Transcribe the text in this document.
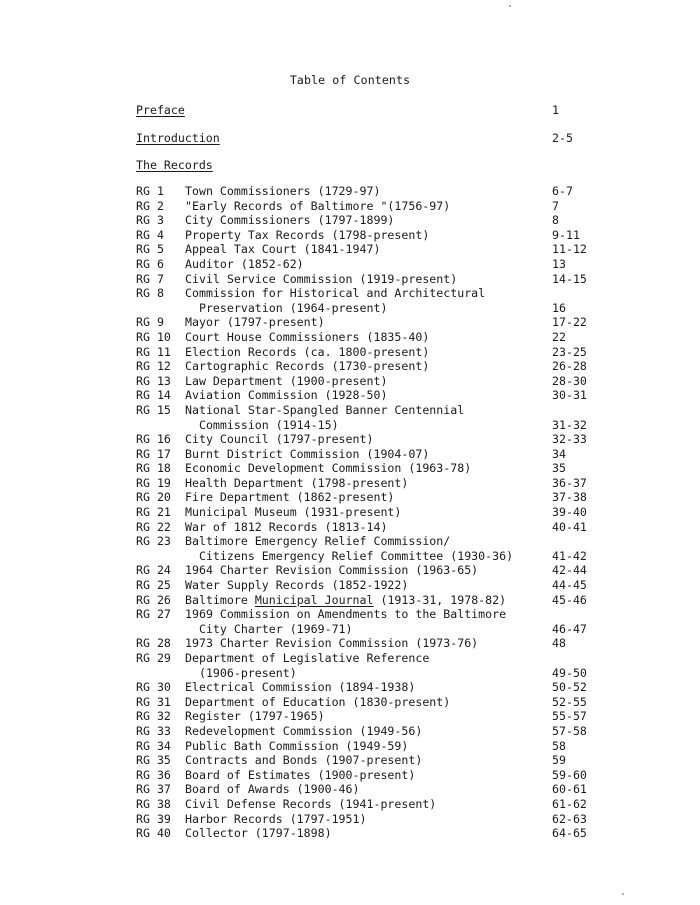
Table of Contents
Preface	1
Introduction	2-5
The Records
RG 1 Town Commissioners (1729-97)	6-7
RG 2 "Early Records of Baltimore "(1756-97)	7
RG 3 City Commissioners (1797-1899)	8
RG 4 Property Tax Records (1798-present)	9-11
RG 5 Appeal Tax Court (1841-1947)	11-12
RG 6 Auditor (1852-62)	13
RG 7 Civil Service Commission (1919-present)	14-15
RG 8 Commission for Historical and Architectural
Preservation (1964-present)	16
RG 9 Mayor (1797-present)	17-22
RG 10 Court House Commissioners (1835-40)	22
RG 11 Election Records (ca. 1800-present)	23-25
RG 12 Cartographic Records (1730-present)	26-28
RG 13 Law Department (1900-present)	28-30
RG 14 Aviation Commission (1928-50)	30-31
RG 15 National Star-Spangled Banner Centennial
Commission (1914-15)	31-32
RG 16 City Council (1797-present)	32-33
RG 17 Burnt District Commission (1904-07)	34
RG 18 Economic Development Commission (1963-78)	35
RG 19 Health Department (1798-present)	36-37
RG 20 Fire Department (1862-present)	37-38
RG 21 Municipal Museum (1931-present)	39-40
RG 22 War of 1812 Records (1813-14)	40-41
RG 23 Baltimore Emergency Relief Commission/
Citizens Emergency Relief Committee (1930-36)	41-42
RG 24 1964 Charter Revision Commission (1963-65)	42-44
RG 25 Water Supply Records (1852-1922)	44-45
RG 26 Baltimore Municipal Journal (1913-31, 1978-82)	45-46
RG 27 1969 Commission on Amendments to the Baltimore
City Charter (1969-71)	46-47
RG 28 1973 Charter Revision Commission (1973-76)	48
RG 29 Department of Legislative Reference
(1906-present)	49-50
RG 30 Electrical Commission (1894-1938)	50-52
RG 31 Department of Education (1830-present)	52-55
RG 32 Register (1797-1965)	55-57
RG 33 Redevelopment Commission (1949-56)	57-58
RG 34 Public Bath Commission (1949-59)	58
RG 35 Contracts and Bonds (1907-present)	59
RG 36 Board of Estimates (1900-present)	59-60
RG 37 Board of Awards (1900-46)	60-61
RG 38 Civil Defense Records (1941-present)	61-62
RG 39 Harbor Records (1797-1951)	62-63
RG 40 Collector (1797-1898)	64-65
